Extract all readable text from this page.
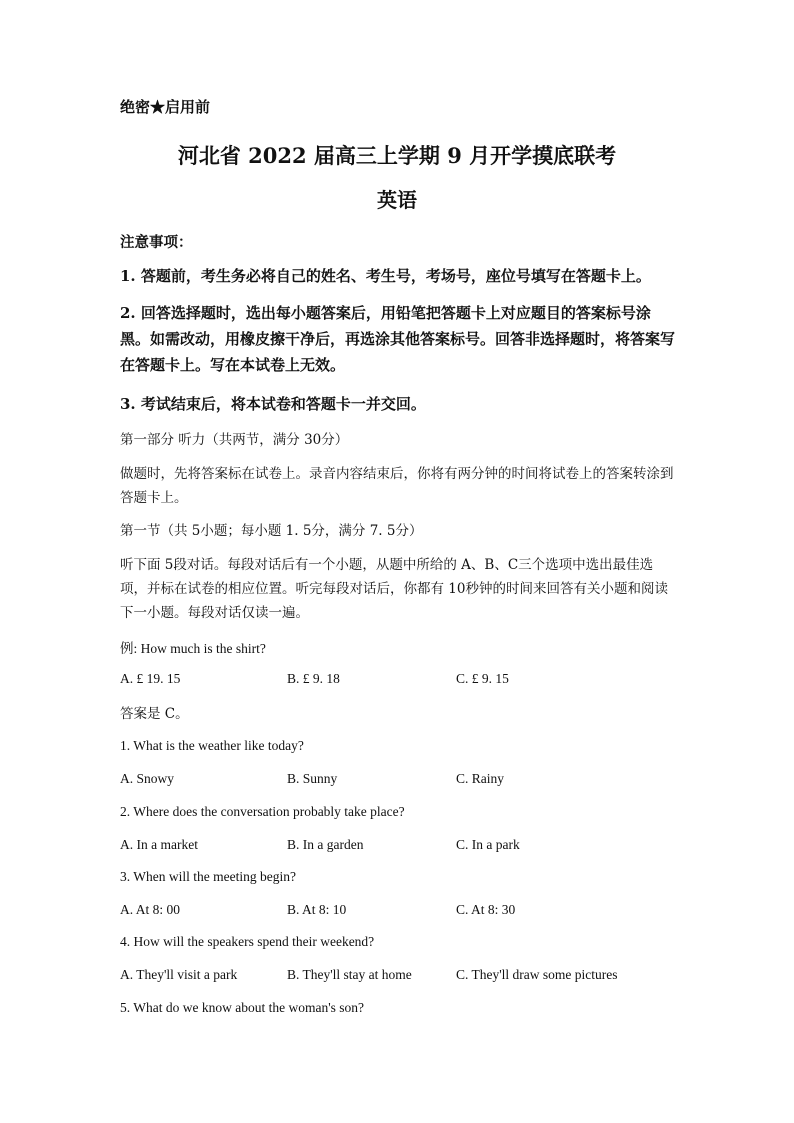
绝密★启用前
河北省 2022 届高三上学期 9 月开学摸底联考
英语
注意事项：
1. 答题前，考生务必将自己的姓名、考生号，考场号，座位号填写在答题卡上。
2. 回答选择题时，选出每小题答案后，用铅笔把答题卡上对应题目的答案标号涂黑。如需改动，用橡皮擦干净后，再选涂其他答案标号。回答非选择题时，将答案写在答题卡上。写在本试卷上无效。
3. 考试结束后，将本试卷和答题卡一并交回。
第一部分 听力（共两节，满分 30分）
做题时，先将答案标在试卷上。录音内容结束后，你将有两分钟的时间将试卷上的答案转涂到答题卡上。
第一节（共 5小题；每小题 1. 5分，满分 7. 5分）
听下面 5段对话。每段对话后有一个小题，从题中所给的 A、B、C三个选项中选出最佳选项，并标在试卷的相应位置。听完每段对话后，你都有 10秒钟的时间来回答有关小题和阅读下一小题。每段对话仅读一遍。
例: How much is the shirt?
A. £ 19. 15	B. £ 9. 18	C. £ 9. 15
答案是 C。
1. What is the weather like today?
A. Snowy	B. Sunny	C. Rainy
2. Where does the conversation probably take place?
A. In a market	B. In a garden	C. In a park
3. When will the meeting begin?
A. At 8: 00	B. At 8: 10	C. At 8: 30
4. How will the speakers spend their weekend?
A. They'll visit a park	B. They'll stay at home	C. They'll draw some pictures
5. What do we know about the woman's son?
